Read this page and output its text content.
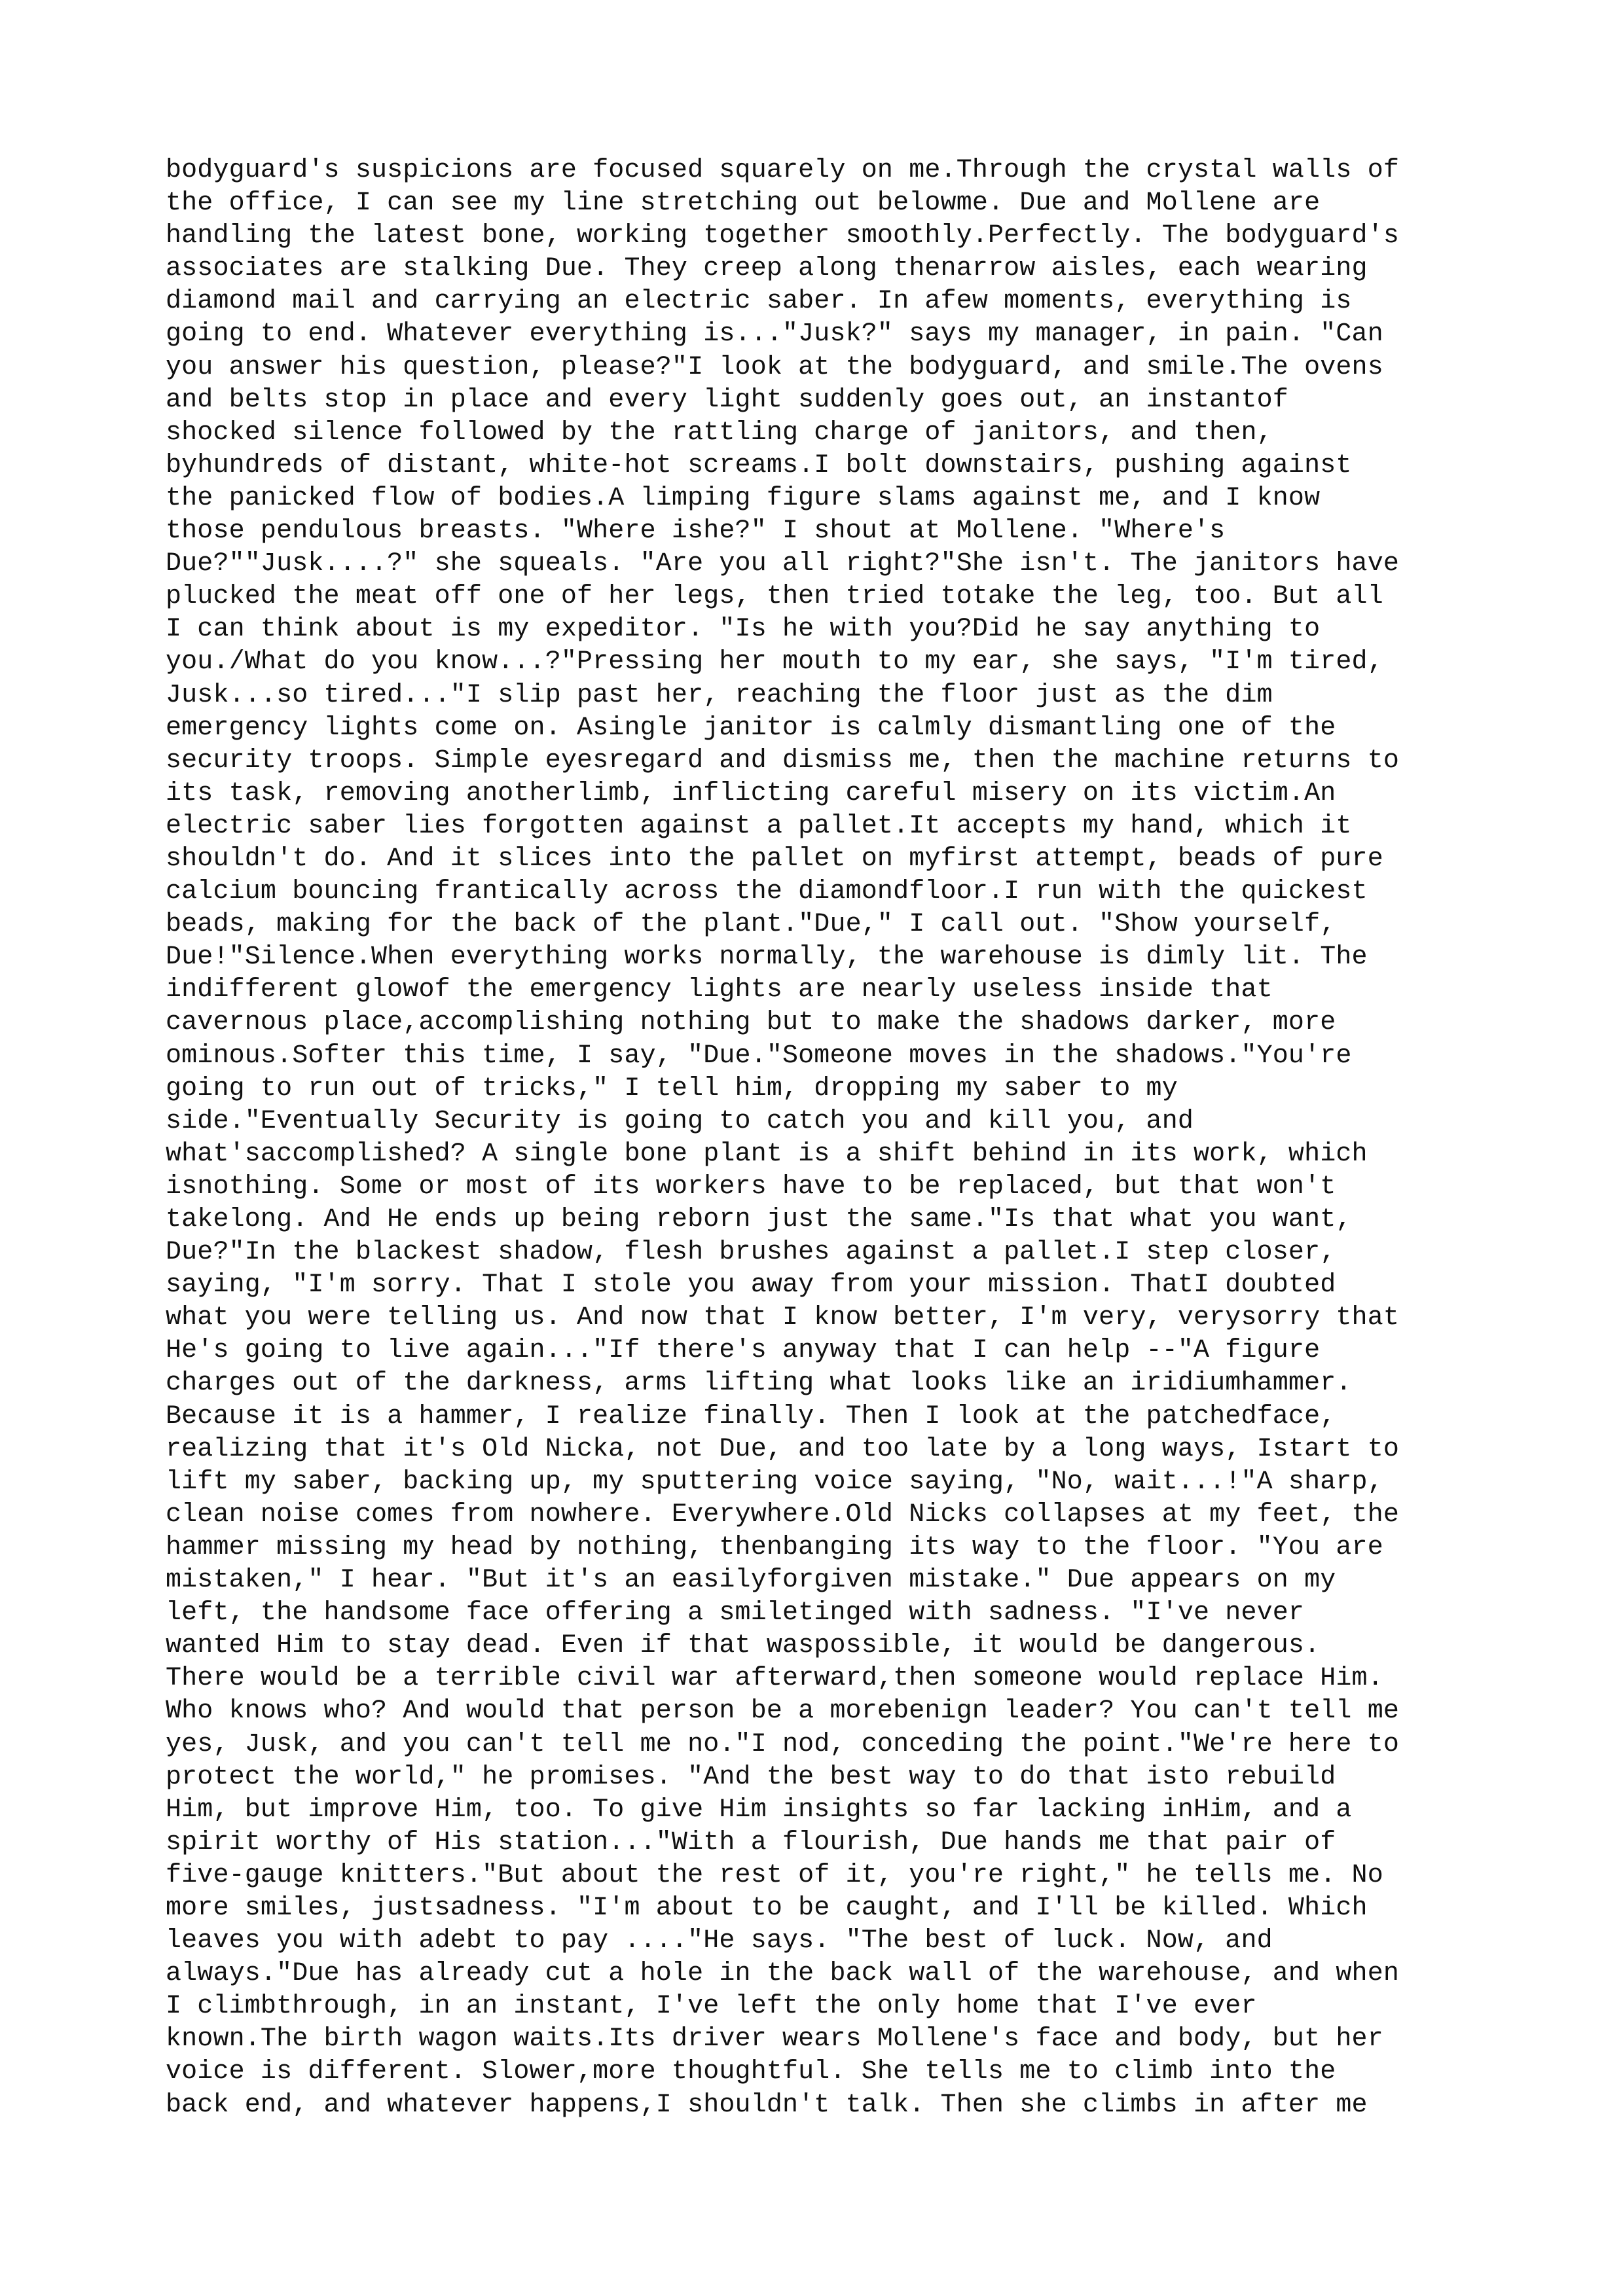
bodyguard's suspicions are focused squarely on me.Through the crystal walls of
the office, I can see my line stretching out belowme. Due and Mollene are
handling the latest bone, working together smoothly.Perfectly. The bodyguard's
associates are stalking Due. They creep along thenarrow aisles, each wearing
diamond mail and carrying an electric saber. In afew moments, everything is
going to end. Whatever everything is..."Jusk?" says my manager, in pain. "Can
you answer his question, please?"I look at the bodyguard, and smile.The ovens
and belts stop in place and every light suddenly goes out, an instantof
shocked silence followed by the rattling charge of janitors, and then,
byhundreds of distant, white-hot screams.I bolt downstairs, pushing against
the panicked flow of bodies.A limping figure slams against me, and I know
those pendulous breasts. "Where ishe?" I shout at Mollene. "Where's
Due?""Jusk....?" she squeals. "Are you all right?"She isn't. The janitors have
plucked the meat off one of her legs, then tried totake the leg, too. But all
I can think about is my expeditor. "Is he with you?Did he say anything to
you./What do you know...?"Pressing her mouth to my ear, she says, "I'm tired,
Jusk...so tired..."I slip past her, reaching the floor just as the dim
emergency lights come on. Asingle janitor is calmly dismantling one of the
security troops. Simple eyesregard and dismiss me, then the machine returns to
its task, removing anotherlimb, inflicting careful misery on its victim.An
electric saber lies forgotten against a pallet.It accepts my hand, which it
shouldn't do. And it slices into the pallet on myfirst attempt, beads of pure
calcium bouncing frantically across the diamondfloor.I run with the quickest
beads, making for the back of the plant."Due," I call out. "Show yourself,
Due!"Silence.When everything works normally, the warehouse is dimly lit. The
indifferent glowof the emergency lights are nearly useless inside that
cavernous place,accomplishing nothing but to make the shadows darker, more
ominous.Softer this time, I say, "Due."Someone moves in the shadows."You're
going to run out of tricks," I tell him, dropping my saber to my
side."Eventually Security is going to catch you and kill you, and
what'saccomplished? A single bone plant is a shift behind in its work, which
isnothing. Some or most of its workers have to be replaced, but that won't
takelong. And He ends up being reborn just the same."Is that what you want,
Due?"In the blackest shadow, flesh brushes against a pallet.I step closer,
saying, "I'm sorry. That I stole you away from your mission. ThatI doubted
what you were telling us. And now that I know better, I'm very, verysorry that
He's going to live again..."If there's anyway that I can help --"A figure
charges out of the darkness, arms lifting what looks like an iridiumhammer.
Because it is a hammer, I realize finally. Then I look at the patchedface,
realizing that it's Old Nicka, not Due, and too late by a long ways, Istart to
lift my saber, backing up, my sputtering voice saying, "No, wait...!"A sharp,
clean noise comes from nowhere. Everywhere.Old Nicks collapses at my feet, the
hammer missing my head by nothing, thenbanging its way to the floor. "You are
mistaken," I hear. "But it's an easilyforgiven mistake." Due appears on my
left, the handsome face offering a smiletinged with sadness. "I've never
wanted Him to stay dead. Even if that waspossible, it would be dangerous.
There would be a terrible civil war afterward,then someone would replace Him.
Who knows who? And would that person be a morebenign leader? You can't tell me
yes, Jusk, and you can't tell me no."I nod, conceding the point."We're here to
protect the world," he promises. "And the best way to do that isto rebuild
Him, but improve Him, too. To give Him insights so far lacking inHim, and a
spirit worthy of His station..."With a flourish, Due hands me that pair of
five-gauge knitters."But about the rest of it, you're right," he tells me. No
more smiles, justsadness. "I'm about to be caught, and I'll be killed. Which
leaves you with adebt to pay ...."He says. "The best of luck. Now, and
always."Due has already cut a hole in the back wall of the warehouse, and when
I climbthrough, in an instant, I've left the only home that I've ever
known.The birth wagon waits.Its driver wears Mollene's face and body, but her
voice is different. Slower,more thoughtful. She tells me to climb into the
back end, and whatever happens,I shouldn't talk. Then she climbs in after me
